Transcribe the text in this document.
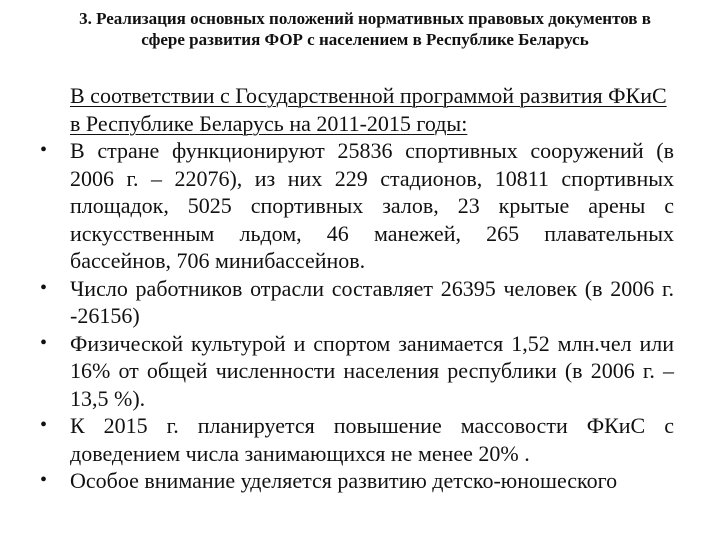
3. Реализация основных положений нормативных правовых документов в сфере развития ФОР с населением в Республике Беларусь
В соответствии с Государственной программой развития ФКиС в Республике Беларусь на 2011-2015 годы:
•	В стране функционируют 25836 спортивных сооружений (в 2006 г. – 22076), из них 229 стадионов, 10811 спортивных площадок, 5025 спортивных залов, 23 крытые арены с искусственным льдом, 46 манежей, 265 плавательных бассейнов, 706 минибассейнов.
•	Число работников отрасли составляет 26395 человек (в 2006 г. -26156)
•	Физической культурой и спортом занимается 1,52 млн.чел или 16% от общей численности населения республики (в 2006 г. – 13,5 %).
•	К 2015 г. планируется повышение массовости ФКиС с доведением числа занимающихся не менее 20% .
•	Особое внимание уделяется развитию детско-юношеского
